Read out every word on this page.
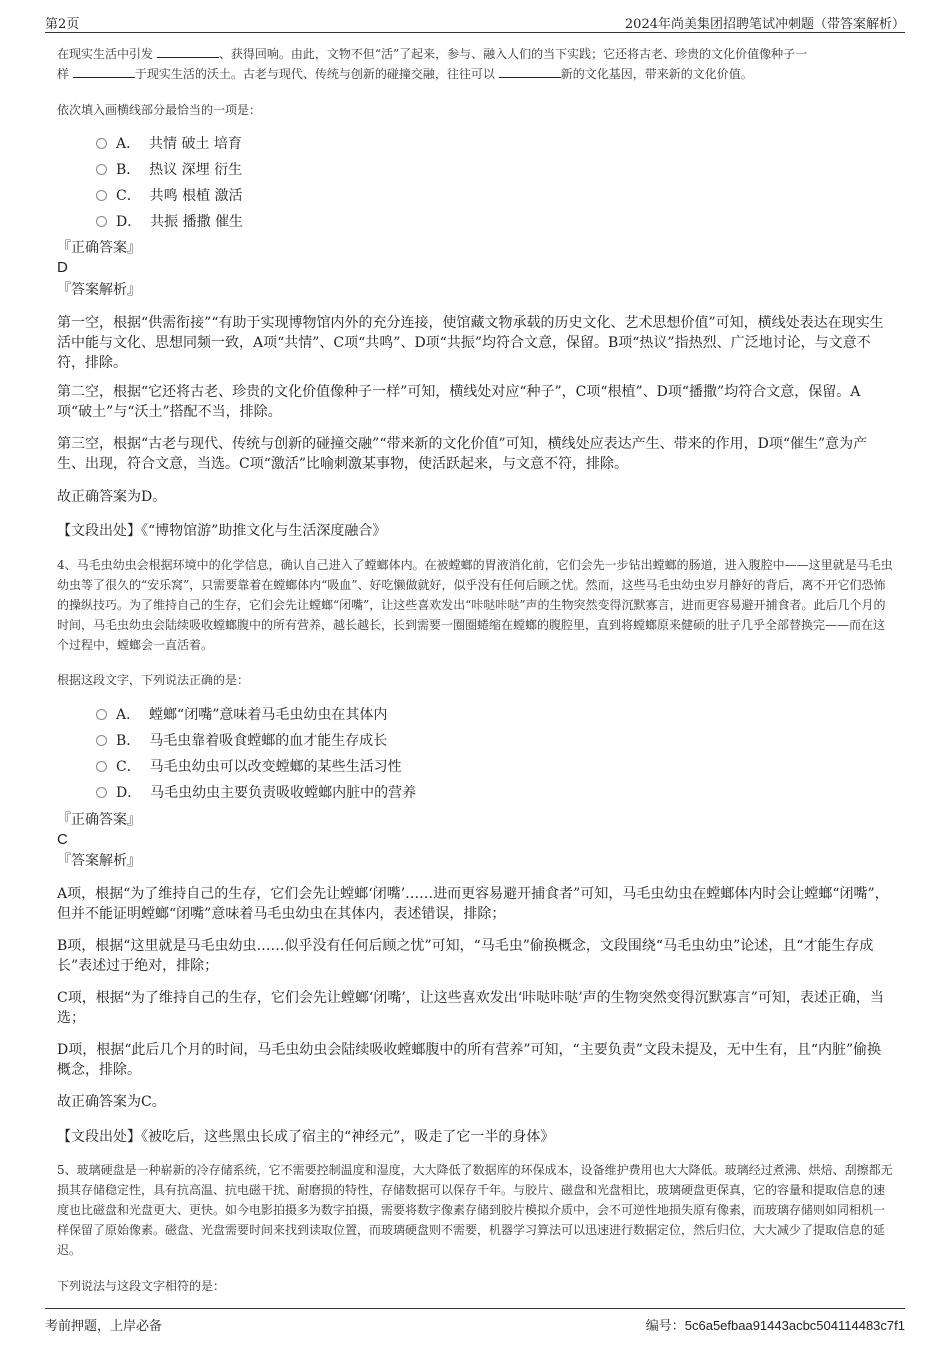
第2页	2024年尚美集团招聘笔试冲刺题（带答案解析）
在现实生活中引发	、获得回响。由此，文物不但“活”了起来，参与、融入人们的当下实践；它还将古老、珍贵的文化价值像种子一
样	于现实生活的沃土。古老与现代、传统与创新的碰撞交融，往往可以	新的文化基因，带来新的文化价值。
依次填入画横线部分最恰当的一项是：
A． 共情 破土 培育
B． 热议 深埋 衍生
C． 共鸣 根植 激活
D． 共振 播撒 催生
『正确答案』
D
『答案解析』
第一空，根据“供需衔接”“有助于实现博物馆内外的充分连接，使馆藏文物承载的历史文化、艺术思想价值”可知，横线处表达在现实生活中能与文化、思想同频一致，A项“共情”、C项“共鸣”、D项“共振”均符合文意，保留。B项“热议”指热烈、广泛地讨论，与文意不符，排除。
第二空，根据“它还将古老、珍贵的文化价值像种子一样”可知，横线处对应“种子”，C项“根植”、D项“播撒”均符合文意，保留。A项“破土”与“沃土”搭配不当，排除。
第三空，根据“古老与现代、传统与创新的碰撞交融”“带来新的文化价值”可知，横线处应表达产生、带来的作用，D项“催生”意为产生、出现，符合文意，当选。C项“激活”比喻刺激某事物，使活跃起来，与文意不符，排除。
故正确答案为D。
【文段出处】《“博物馆游”助推文化与生活深度融合》
4、马毛虫幼虫会根据环境中的化学信息，确认自己进入了螳螂体内。在被螳螂的胃液消化前，它们会先一步钻出螳螂的肠道，进入腹腔中——这里就是马毛虫幼虫等了很久的“安乐窝”，只需要靠着在螳螂体内“吸血”、好吃懒做就好，似乎没有任何后顾之忧。然而，这些马毛虫幼虫岁月静好的背后，离不开它们恐怖的操纵技巧。为了维持自己的生存，它们会先让螳螂“闭嘴”，让这些喜欢发出“咔哒咔哒”声的生物突然变得沉默寡言，进而更容易避开捕食者。此后几个月的时间，马毛虫幼虫会陆续吸收螳螂腹中的所有营养，越长越长，长到需要一圈圈蜷缩在螳螂的腹腔里，直到将螳螂原来健硕的肚子几乎全部替换完——而在这个过程中，螳螂会一直活着。
根据这段文字，下列说法正确的是：
A． 螳螂“闭嘴”意味着马毛虫幼虫在其体内
B． 马毛虫靠着吸食螳螂的血才能生存成长
C． 马毛虫幼虫可以改变螳螂的某些生活习性
D． 马毛虫幼虫主要负责吸收螳螂内脏中的营养
『正确答案』
C
『答案解析』
A项，根据“为了维持自己的生存，它们会先让螳螂‘闭嘴’……进而更容易避开捕食者”可知，马毛虫幼虫在螳螂体内时会让螳螂“闭嘴”，但并不能证明螳螂“闭嘴”意味着马毛虫幼虫在其体内，表述错误，排除；
B项，根据“这里就是马毛虫幼虫……似乎没有任何后顾之忧”可知，“马毛虫”偷换概念，文段围绕“马毛虫幼虫”论述，且“才能生存成长”表述过于绝对，排除；
C项，根据“为了维持自己的生存，它们会先让螳螂‘闭嘴’，让这些喜欢发出‘咔哒咔哒’声的生物突然变得沉默寡言”可知，表述正确，当选；
D项，根据“此后几个月的时间，马毛虫幼虫会陆续吸收螳螂腹中的所有营养”可知，“主要负责”文段未提及，无中生有，且“内脏”偷换概念，排除。
故正确答案为C。
【文段出处】《被吃后，这些黑虫长成了宿主的“神经元”，吸走了它一半的身体》
5、玻璃硬盘是一种崭新的冷存储系统，它不需要控制温度和湿度，大大降低了数据库的环保成本，设备维护费用也大大降低。玻璃经过煮沸、烘焙、刮擦都无损其存储稳定性，具有抗高温、抗电磁干扰、耐磨损的特性，存储数据可以保存千年。与胶片、磁盘和光盘相比，玻璃硬盘更保真，它的容量和提取信息的速度也比磁盘和光盘更大、更快。如今电影拍摄多为数字拍摄，需要将数字像素存储到胶片模拟介质中，会不可逆性地损失原有像素，而玻璃存储则如同相机一样保留了原始像素。磁盘、光盘需要时间来找到读取位置，而玻璃硬盘则不需要，机器学习算法可以迅速进行数据定位，然后归位，大大减少了提取信息的延迟。
下列说法与这段文字相符的是：
考前押题，上岸必备	编号：5c6a5efbaa91443acbc504114483c7f1
